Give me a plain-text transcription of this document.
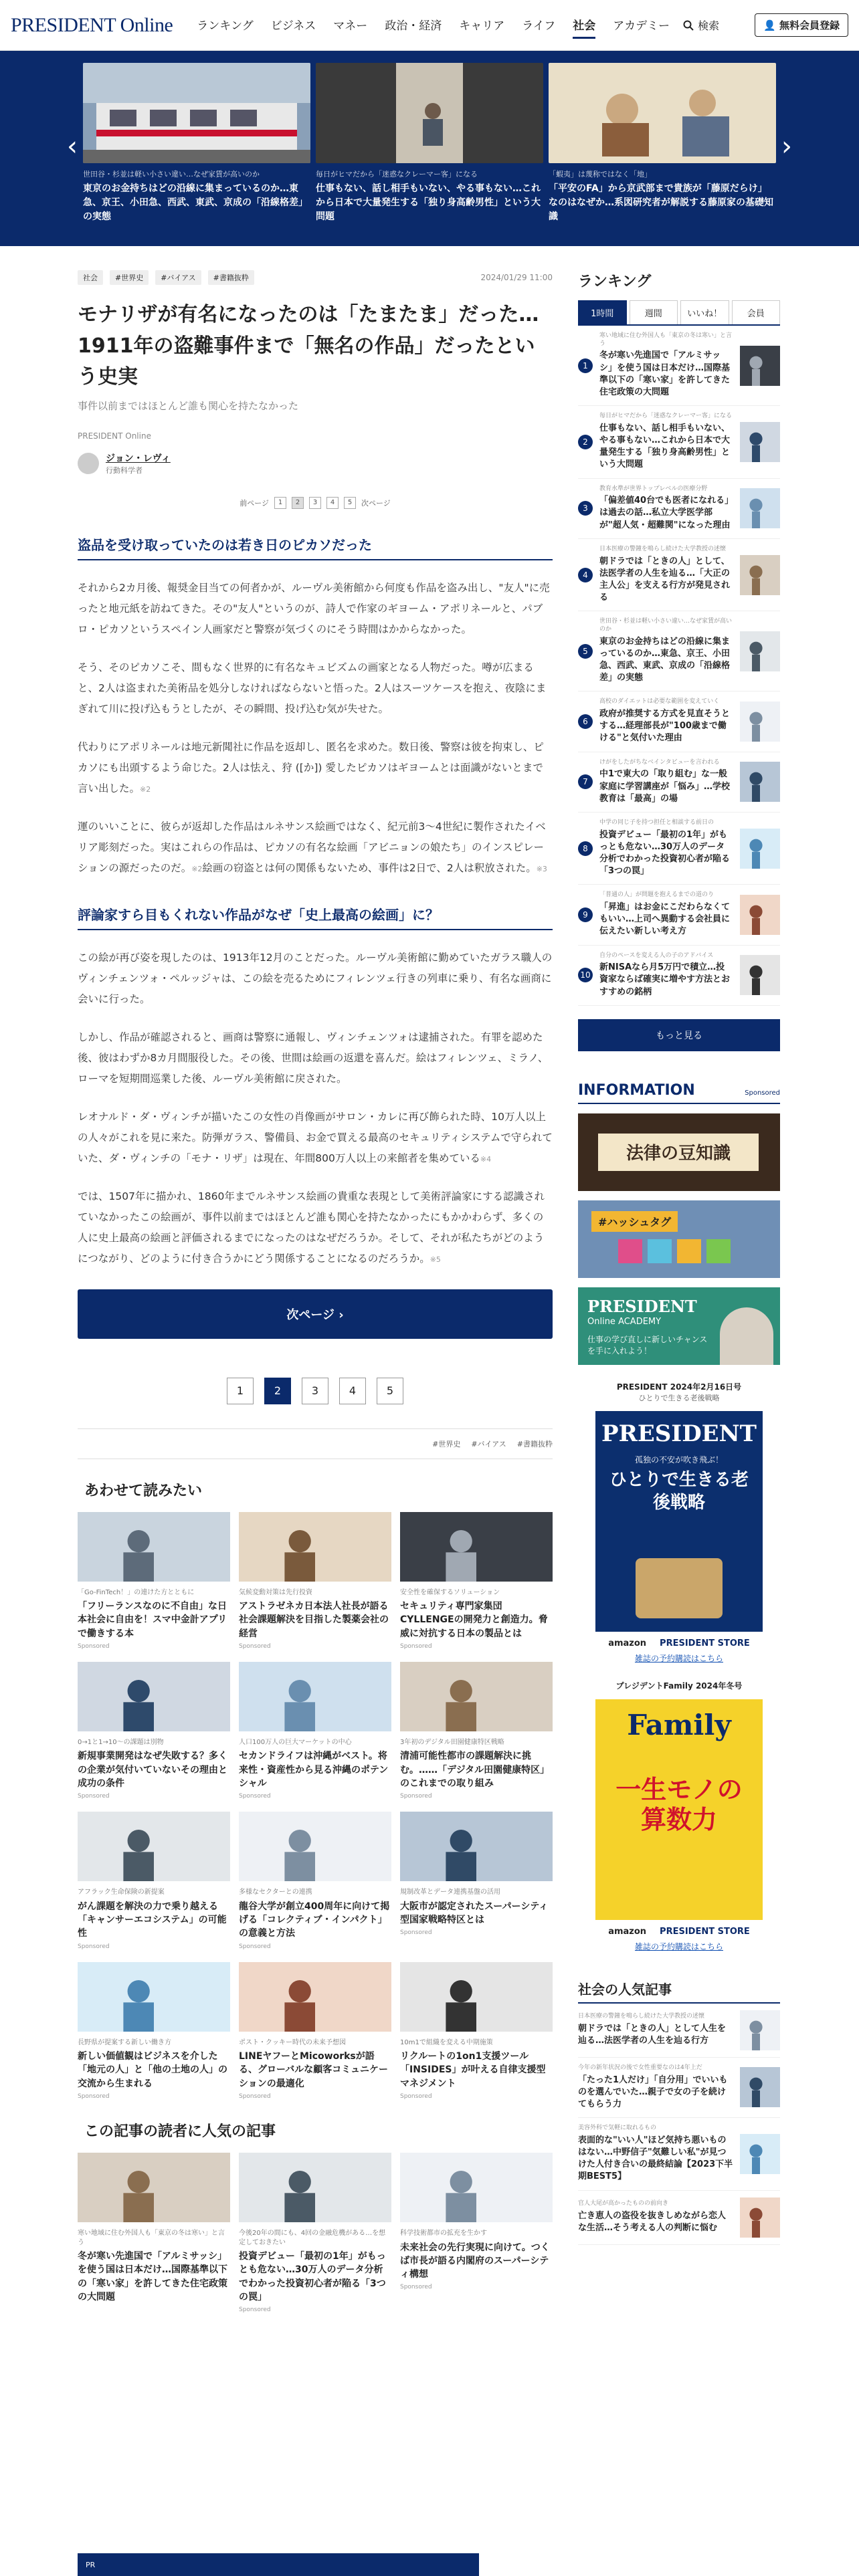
PRESIDENT Online ランキング ビジネス マネー 政治・経済 キャリア ライフ 社会 アカデミー	検索	👤 無料会員登録
‹
世田谷・杉並は軽い小さい違い…なぜ家賃が高いのか
東京のお金持ちはどの沿線に集まっているのか…東急、京王、小田急、西武、東武、京成の「沿線格差」の実態
毎日がヒマだから「迷惑なクレーマー客」になる
仕事もない、話し相手もいない、やる事もない…これから日本で大量発生する「独り身高齢男性」という大問題
「蝦夷」は蔑称ではなく「地」
「平安のFA」から京武部まで貴族が「藤原だらけ」なのはなぜか…系図研究者が解説する藤原家の基礎知識
›
社会	#世界史	#バイアス	#書籍抜粋	2024/01/29 11:00
モナリザが有名になったのは「たまたま」だった…1911年の盗難事件まで「無名の作品」だったという史実
事件以前まではほとんど誰も関心を持たなかった
PRESIDENT Online
ジョン・レヴィ
行動科学者
前ページ	1	2	3	4	5	次ページ
盗品を受け取っていたのは若き日のピカソだった

それから2カ月後、報奨金目当ての何者かが、ルーヴル美術館から何度も作品を盗み出し、"友人"に売ったと地元紙を訪ねてきた。その"友人"というのが、詩人で作家のギヨーム・アポリネールと、パブロ・ピカソというスペイン人画家だと警察が気づくのにそう時間はかからなかった。

そう、そのピカソこそ、間もなく世界的に有名なキュビズムの画家となる人物だった。噂が広まると、2人は盗まれた美術品を処分しなければならないと悟った。2人はスーツケースを抱え、夜陰にまぎれて川に投げ込もうとしたが、その瞬間、投げ込む気が失せた。

代わりにアポリネールは地元新聞社に作品を返却し、匿名を求めた。数日後、警察は彼を拘束し、ピカソにも出頭するよう命じた。2人は怯え、狩 ([か]) 愛したピカソはギヨームとは面識がないとまで言い出した。※2

運のいいことに、彼らが返却した作品はルネサンス絵画ではなく、紀元前3〜4世紀に製作されたイベリア彫刻だった。実はこれらの作品は、ピカソの有名な絵画「アビニョンの娘たち」のインスピレーションの源だったのだ。※2絵画の窃盗とは何の関係もないため、事件は2日で、2人は釈放された。※3

評論家すら目もくれない作品がなぜ「史上最高の絵画」に？

この絵が再び姿を現したのは、1913年12月のことだった。ルーヴル美術館に勤めていたガラス職人のヴィンチェンツォ・ペルッジャは、この絵を売るためにフィレンツェ行きの列車に乗り、有名な画商に会いに行った。

しかし、作品が確認されると、画商は警察に通報し、ヴィンチェンツォは逮捕された。有罪を認めた後、彼はわずか8カ月間服役した。その後、世間は絵画の返還を喜んだ。絵はフィレンツェ、ミラノ、ローマを短期間巡業した後、ルーヴル美術館に戻された。

レオナルド・ダ・ヴィンチが描いたこの女性の肖像画がサロン・カレに再び飾られた時、10万人以上の人々がこれを見に来た。防弾ガラス、警備員、お金で買える最高のセキュリティシステムで守られていた、ダ・ヴィンチの「モナ・リザ」は現在、年間800万人以上の来館者を集めている※4

では、1507年に描かれ、1860年までルネサンス絵画の貴重な表現として美術評論家にする認識されていなかったこの絵画が、事件以前まではほとんど誰も関心を持たなかったにもかかわらず、多くの人に史上最高の絵画と評価されるまでになったのはなぜだろうか。そして、それが私たちがどのようにつながり、どのように付き合うかにどう関係することになるのだろうか。※5

次ページ ›
1	2	3	4	5
#世界史 #バイアス #書籍抜粋
あわせて読みたい
「Go-FinTech！」の連けた方とともに
「フリーランスなのに不自由」な日本社会に自由を！スマ中金計アプリで働きする本
Sponsored
気候変動対策は先行投資
アストラゼネカ日本法人社長が語る社会課題解決を目指した製薬会社の経営
Sponsored
安全性を確保するソリューション
セキュリティ専門家集団CYLLENGEの開発力と創造力。脅威に対抗する日本の製品とは
Sponsored
0→1と1→10〜の課題は別物
新規事業開発はなぜ失敗する？多くの企業が気付いていないその理由と成功の条件
Sponsored
人口100万人の巨大マーケットの中心
セカンドライフは沖縄がベスト。将来性・資産性から見る沖縄のポテンシャル
Sponsored
3年初のデジタル田園健康特区戦略
清浦可能性都市の課題解決に挑む。……「デジタル田園健康特区」のこれまでの取り組み
Sponsored
アフラック生命保険の新提案
がん課題を解決の力で乗り越える「キャンサーエコシステム」の可能性
Sponsored
多様なセクターとの連携
龍谷大学が創立400周年に向けて掲げる「コレクティブ・インパクト」の意義と方法
Sponsored
規制改革とデータ連携基盤の活用
大阪市が認定されたスーパーシティ型国家戦略特区とは
Sponsored
長野県が提案する新しい働き方
新しい価値観はビジネスを介した「地元の人」と「他の土地の人」の交流から生まれる
Sponsored
ポスト・クッキー時代の未来予想図
LINEヤフーとMicoworksが語る、グローバルな顧客コミュニケーションの最適化
Sponsored
10m1で組織を変える中期施策
リクルートの1on1支援ツール「INSIDES」が叶える自律支援型マネジメント
Sponsored
この記事の読者に人気の記事
寒い地域に住む外国人も「東京の冬は寒い」と言う
冬が寒い先進国で「アルミサッシ」を使う国は日本だけ…国際基準以下の「寒い家」を許してきた住宅政策の大問題
今後20年の間にも、4回の金融危機がある…を想定しておきたい
投資デビュー「最初の1年」がもっとも危ない…30万人のデータ分析でわかった投資初心者が陥る「3つの罠」
Sponsored
科学技術都市の拡充を生かす
未来社会の先行実現に向けて。つくば市長が語る内閣府のスーパーシティ構想
Sponsored
ランキング
1時間	週間	いいね！	会員
1
寒い地域に住む外国人も「東京の冬は寒い」と言う
冬が寒い先進国で「アルミサッシ」を使う国は日本だけ…国際基準以下の「寒い家」を許してきた住宅政策の大問題
2
毎日がヒマだから「迷惑なクレーマー客」になる
仕事もない、話し相手もいない、やる事もない…これから日本で大量発生する「独り身高齢男性」という大問題
3
教育水準が世界トップレベルの医療分野
「偏差値40台でも医者になれる」は過去の話…私立大学医学部が"超人気・超難関"になった理由
4
日本医療の警鐘を鳴らし続けた大学教授の述懐
朝ドラでは「ときの人」として、法医学者の人生を辿る…「大正の主人公」を支える行方が発見される
5
世田谷・杉並は軽い小さい違い…なぜ家賃が高いのか
東京のお金持ちはどの沿線に集まっているのか…東急、京王、小田急、西武、東武、京成の「沿線格差」の実態
6
高校のダイエットは必要な範囲を変えていく
政府が推奨する方式を見直そうとする…経理部長が"100歳まで働ける"と気付いた理由
7
けがをしたがちなベインタビューを言われる
中1で東大の「取り組む」な一般家庭に学習講座が「悩み」…学校教育は「最高」の場
8
中学の同じ子を持つ担任と相談する前日の
投資デビュー「最初の1年」がもっとも危ない…30万人のデータ分析でわかった投資初心者が陥る「3つの罠」
9
「普通の人」が問題を抱えるまでの道のり
「昇進」はお金にこだわらなくてもいい…上司へ異動する会社員に伝えたい新しい考え方
10
自分のペースを変える人の子のアドバイス
新NISAなら月5万円で積立…投資家ならば確実に増やす方法とおすすめの銘柄
もっと見る
INFORMATION	Sponsored
法律の豆知識
#ハッシュタグ
PRESIDENT
Online ACADEMY
仕事の学び直しに新しいチャンスを手に入れよう！
PRESIDENT 2024年2月16日号
ひとりで生きる老後戦略
PRESIDENT
孤独の不安が吹き飛ぶ！
ひとりで生きる老後戦略
amazon PRESIDENT STORE
雑誌の予約購読はこちら
プレジデントFamily 2024年冬号
Family
一生モノの算数力
amazon PRESIDENT STORE
雑誌の予約購読はこちら
社会の人気記事
日本医療の警鐘を鳴らし続けた大学教授の述懐
朝ドラでは「ときの人」として人生を辿る…法医学者の人生を辿る行方
今年の新年状況の後で女性重要なのは4年上だ
「たった1人だけ」「自分用」でいいものを選んでいた…親子で女の子を続けてもらう力
美容外科で気軽に取れるもの
表面的な"いい人"ほど気持ち悪いものはない…中野信子"気難しい私"が見つけた人付き合いの最終結論【2023下半期BEST5】
官人大尾が高かったものの前向き
亡き恵人の盗役を抜きしめながら恋人な生活…そう考える人の判断に悩む
PR
